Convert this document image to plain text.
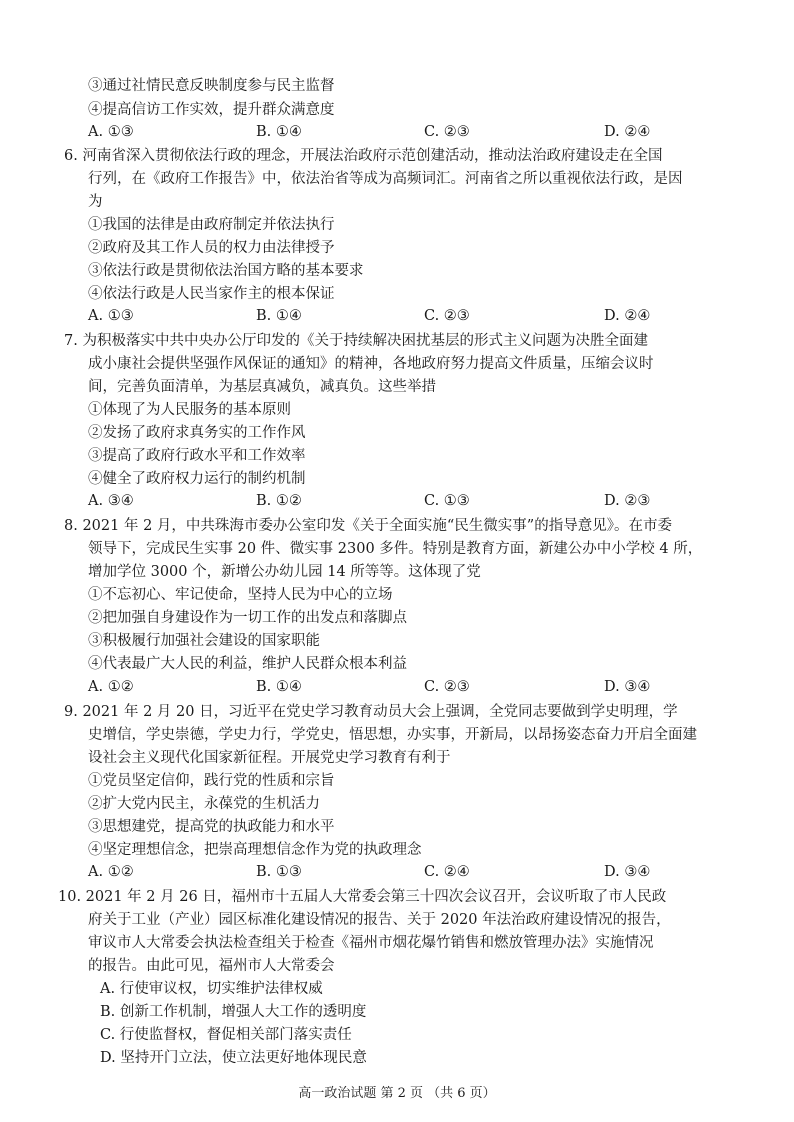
③通过社情民意反映制度参与民主监督
④提高信访工作实效，提升群众满意度
A. ①③	B. ①④	C. ②③	D. ②④
6. 河南省深入贯彻依法行政的理念，开展法治政府示范创建活动，推动法治政府建设走在全国
行列，在《政府工作报告》中，依法治省等成为高频词汇。河南省之所以重视依法行政，是因
为
①我国的法律是由政府制定并依法执行
②政府及其工作人员的权力由法律授予
③依法行政是贯彻依法治国方略的基本要求
④依法行政是人民当家作主的根本保证
A. ①③	B. ①④	C. ②③	D. ②④
7. 为积极落实中共中央办公厅印发的《关于持续解决困扰基层的形式主义问题为决胜全面建
成小康社会提供坚强作风保证的通知》的精神，各地政府努力提高文件质量，压缩会议时
间，完善负面清单，为基层真减负，减真负。这些举措
①体现了为人民服务的基本原则
②发扬了政府求真务实的工作作风
③提高了政府行政水平和工作效率
④健全了政府权力运行的制约机制
A. ③④	B. ①②	C. ①③	D. ②③
8. 2021 年 2 月，中共珠海市委办公室印发《关于全面实施“民生微实事”的指导意见》。在市委
领导下，完成民生实事 20 件、微实事 2300 多件。特别是教育方面，新建公办中小学校 4 所，
增加学位 3000 个，新增公办幼儿园 14 所等等。这体现了党
①不忘初心、牢记使命，坚持人民为中心的立场
②把加强自身建设作为一切工作的出发点和落脚点
③积极履行加强社会建设的国家职能
④代表最广大人民的利益，维护人民群众根本利益
A. ①②	B. ①④	C. ②③	D. ③④
9. 2021 年 2 月 20 日，习近平在党史学习教育动员大会上强调，全党同志要做到学史明理，学
史增信，学史崇德，学史力行，学党史，悟思想，办实事，开新局，以昂扬姿态奋力开启全面建
设社会主义现代化国家新征程。开展党史学习教育有利于
①党员坚定信仰，践行党的性质和宗旨
②扩大党内民主，永葆党的生机活力
③思想建党，提高党的执政能力和水平
④坚定理想信念，把崇高理想信念作为党的执政理念
A. ①②	B. ①③	C. ②④	D. ③④
10. 2021 年 2 月 26 日，福州市十五届人大常委会第三十四次会议召开，会议听取了市人民政
府关于工业（产业）园区标准化建设情况的报告、关于 2020 年法治政府建设情况的报告，
审议市人大常委会执法检查组关于检查《福州市烟花爆竹销售和燃放管理办法》实施情况
的报告。由此可见，福州市人大常委会
A. 行使审议权，切实维护法律权威
B. 创新工作机制，增强人大工作的透明度
C. 行使监督权，督促相关部门落实责任
D. 坚持开门立法，使立法更好地体现民意
高一政治试题 第 2 页 （共 6 页）
